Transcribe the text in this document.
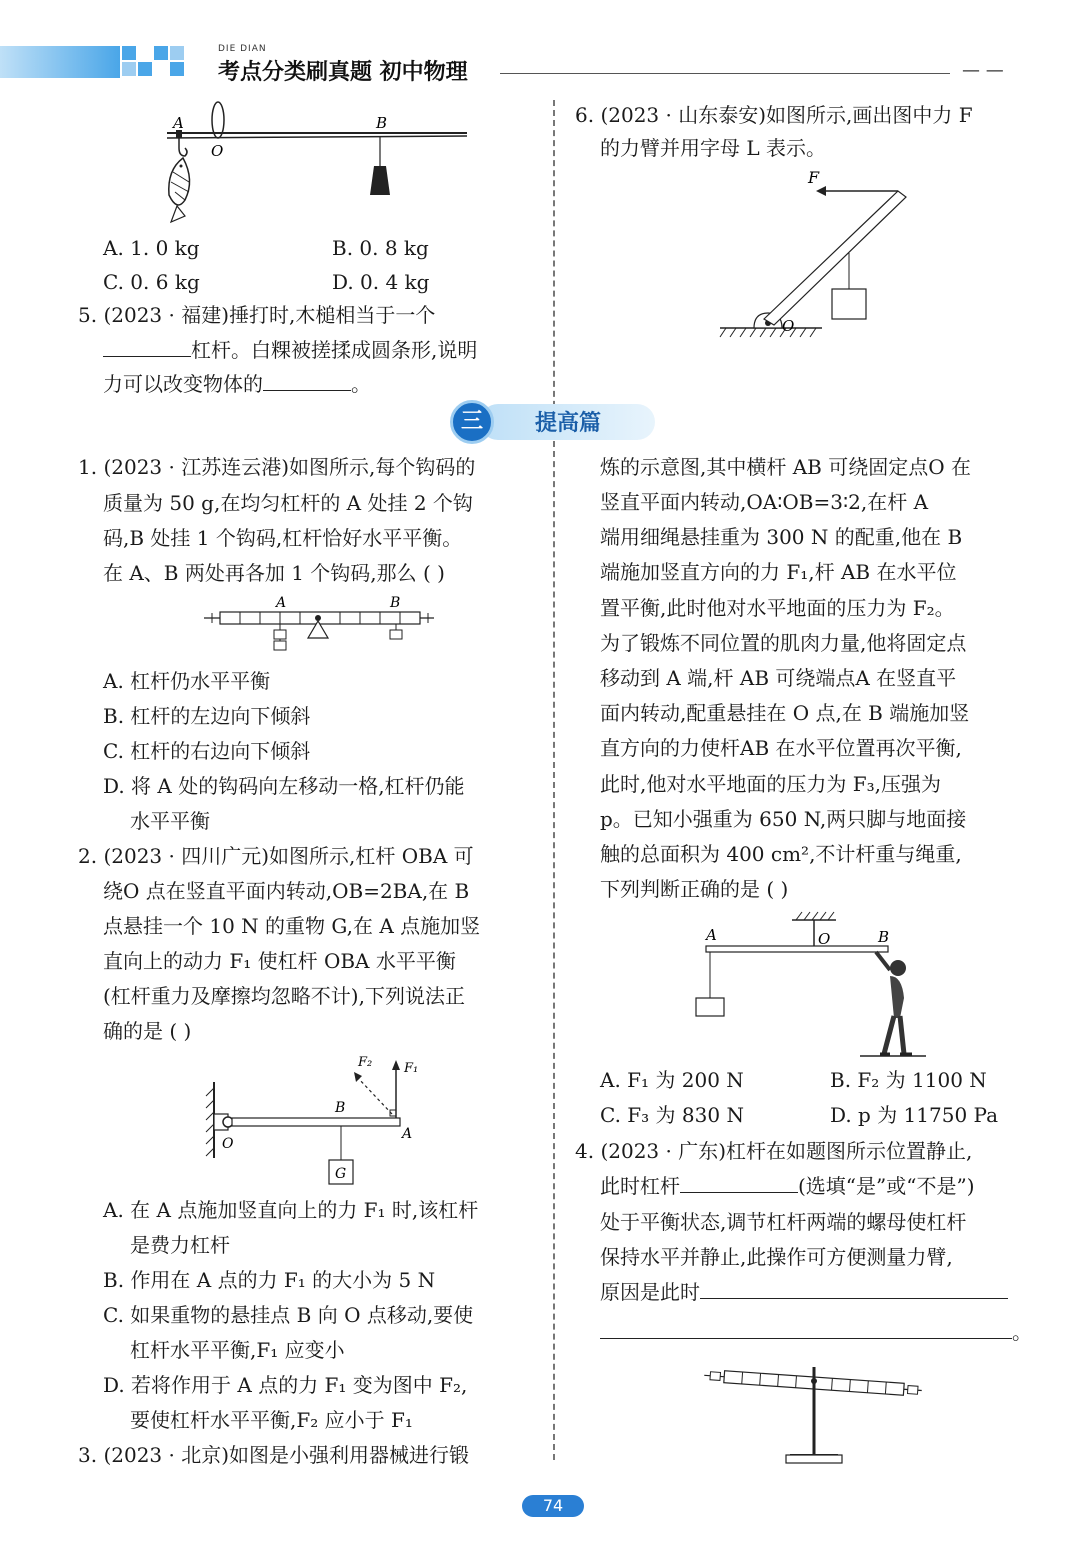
DIE DIAN
考点分类刷真题 初中物理	— —
A
O
B
A. 1. 0 kg	B. 0. 8 kg
C. 0. 6 kg	D. 0. 4 kg
5. (2023 · 福建)捶打时,木槌相当于一个
杠杆。白粿被搓揉成圆条形,说明
力可以改变物体的	。
三	提高篇
1. (2023 · 江苏连云港)如图所示,每个钩码的
质量为 50 g,在均匀杠杆的 A 处挂 2 个钩
码,B 处挂 1 个钩码,杠杆恰好水平平衡。
在 A、B 两处再各加 1 个钩码,那么 ( )
A	B
A. 杠杆仍水平平衡
B. 杠杆的左边向下倾斜
C. 杠杆的右边向下倾斜
D. 将 A 处的钩码向左移动一格,杠杆仍能
水平平衡
2. (2023 · 四川广元)如图所示,杠杆 OBA 可
绕O 点在竖直平面内转动,OB=2BA,在 B
点悬挂一个 10 N 的重物 G,在 A 点施加竖
直向上的动力 F₁ 使杠杆 OBA 水平平衡
(杠杆重力及摩擦均忽略不计),下列说法正
确的是 ( )
F₁
F₂
O
B
A
G
A. 在 A 点施加竖直向上的力 F₁ 时,该杠杆
是费力杠杆
B. 作用在 A 点的力 F₁ 的大小为 5 N
C. 如果重物的悬挂点 B 向 O 点移动,要使
杠杆水平平衡,F₁ 应变小
D. 若将作用于 A 点的力 F₁ 变为图中 F₂,
要使杠杆水平平衡,F₂ 应小于 F₁
3. (2023 · 北京)如图是小强利用器械进行锻
6. (2023 · 山东泰安)如图所示,画出图中力 F
的力臂并用字母 L 表示。
F
O
炼的示意图,其中横杆 AB 可绕固定点O 在
竖直平面内转动,OA∶OB=3∶2,在杆 A
端用细绳悬挂重为 300 N 的配重,他在 B
端施加竖直方向的力 F₁,杆 AB 在水平位
置平衡,此时他对水平地面的压力为 F₂。
为了锻炼不同位置的肌肉力量,他将固定点
移动到 A 端,杆 AB 可绕端点A 在竖直平
面内转动,配重悬挂在 O 点,在 B 端施加竖
直方向的力使杆AB 在水平位置再次平衡,
此时,他对水平地面的压力为 F₃,压强为
p。已知小强重为 650 N,两只脚与地面接
触的总面积为 400 cm²,不计杆重与绳重,
下列判断正确的是 ( )
A	O	B
A. F₁ 为 200 N	B. F₂ 为 1100 N
C. F₃ 为 830 N	D. p 为 11750 Pa
4. (2023 · 广东)杠杆在如题图所示位置静止,
此时杠杆	(选填“是”或“不是”)
处于平衡状态,调节杠杆两端的螺母使杠杆
保持水平并静止,此操作可方便测量力臂,
原因是此时
。
74
